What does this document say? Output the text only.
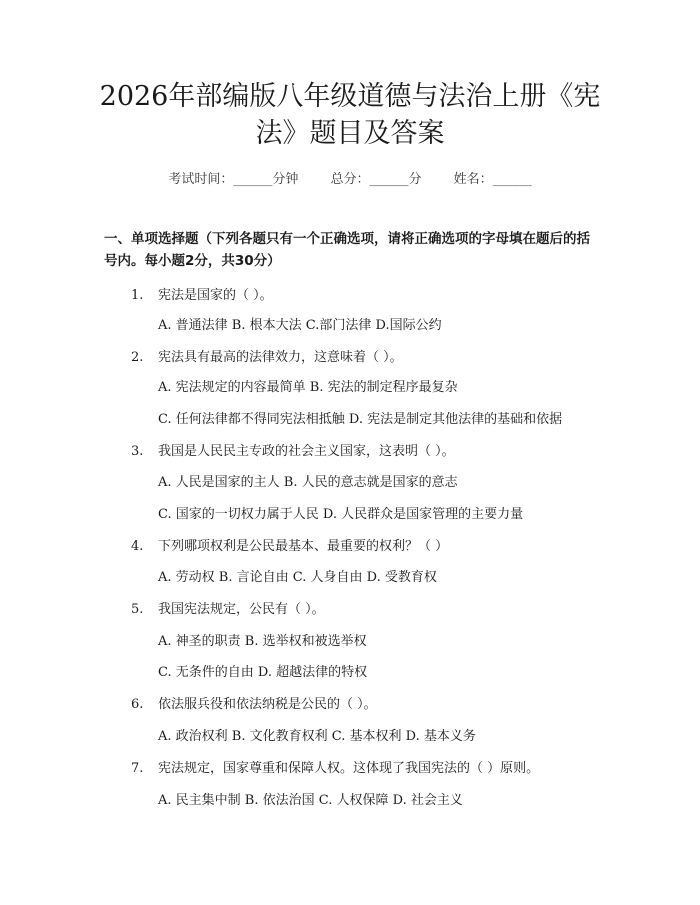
2026年部编版八年级道德与法治上册《宪法》题目及答案
考试时间：______分钟 总分：______分 姓名：______
一、单项选择题（下列各题只有一个正确选项，请将正确选项的字母填在题后的括号内。每小题2分，共30分）
1. 宪法是国家的（ ）。
A. 普通法律 B. 根本大法 C.部门法律 D.国际公约
2. 宪法具有最高的法律效力，这意味着（ ）。
A. 宪法规定的内容最简单 B. 宪法的制定程序最复杂
C. 任何法律都不得同宪法相抵触 D. 宪法是制定其他法律的基础和依据
3. 我国是人民民主专政的社会主义国家，这表明（ ）。
A. 人民是国家的主人 B. 人民的意志就是国家的意志
C. 国家的一切权力属于人民 D. 人民群众是国家管理的主要力量
4. 下列哪项权利是公民最基本、最重要的权利？（ ）
A. 劳动权 B. 言论自由 C. 人身自由 D. 受教育权
5. 我国宪法规定，公民有（ ）。
A. 神圣的职责 B. 选举权和被选举权
C. 无条件的自由 D. 超越法律的特权
6. 依法服兵役和依法纳税是公民的（ ）。
A. 政治权利 B. 文化教育权利 C. 基本权利 D. 基本义务
7. 宪法规定，国家尊重和保障人权。这体现了我国宪法的（ ）原则。
A. 民主集中制 B. 依法治国 C. 人权保障 D. 社会主义
